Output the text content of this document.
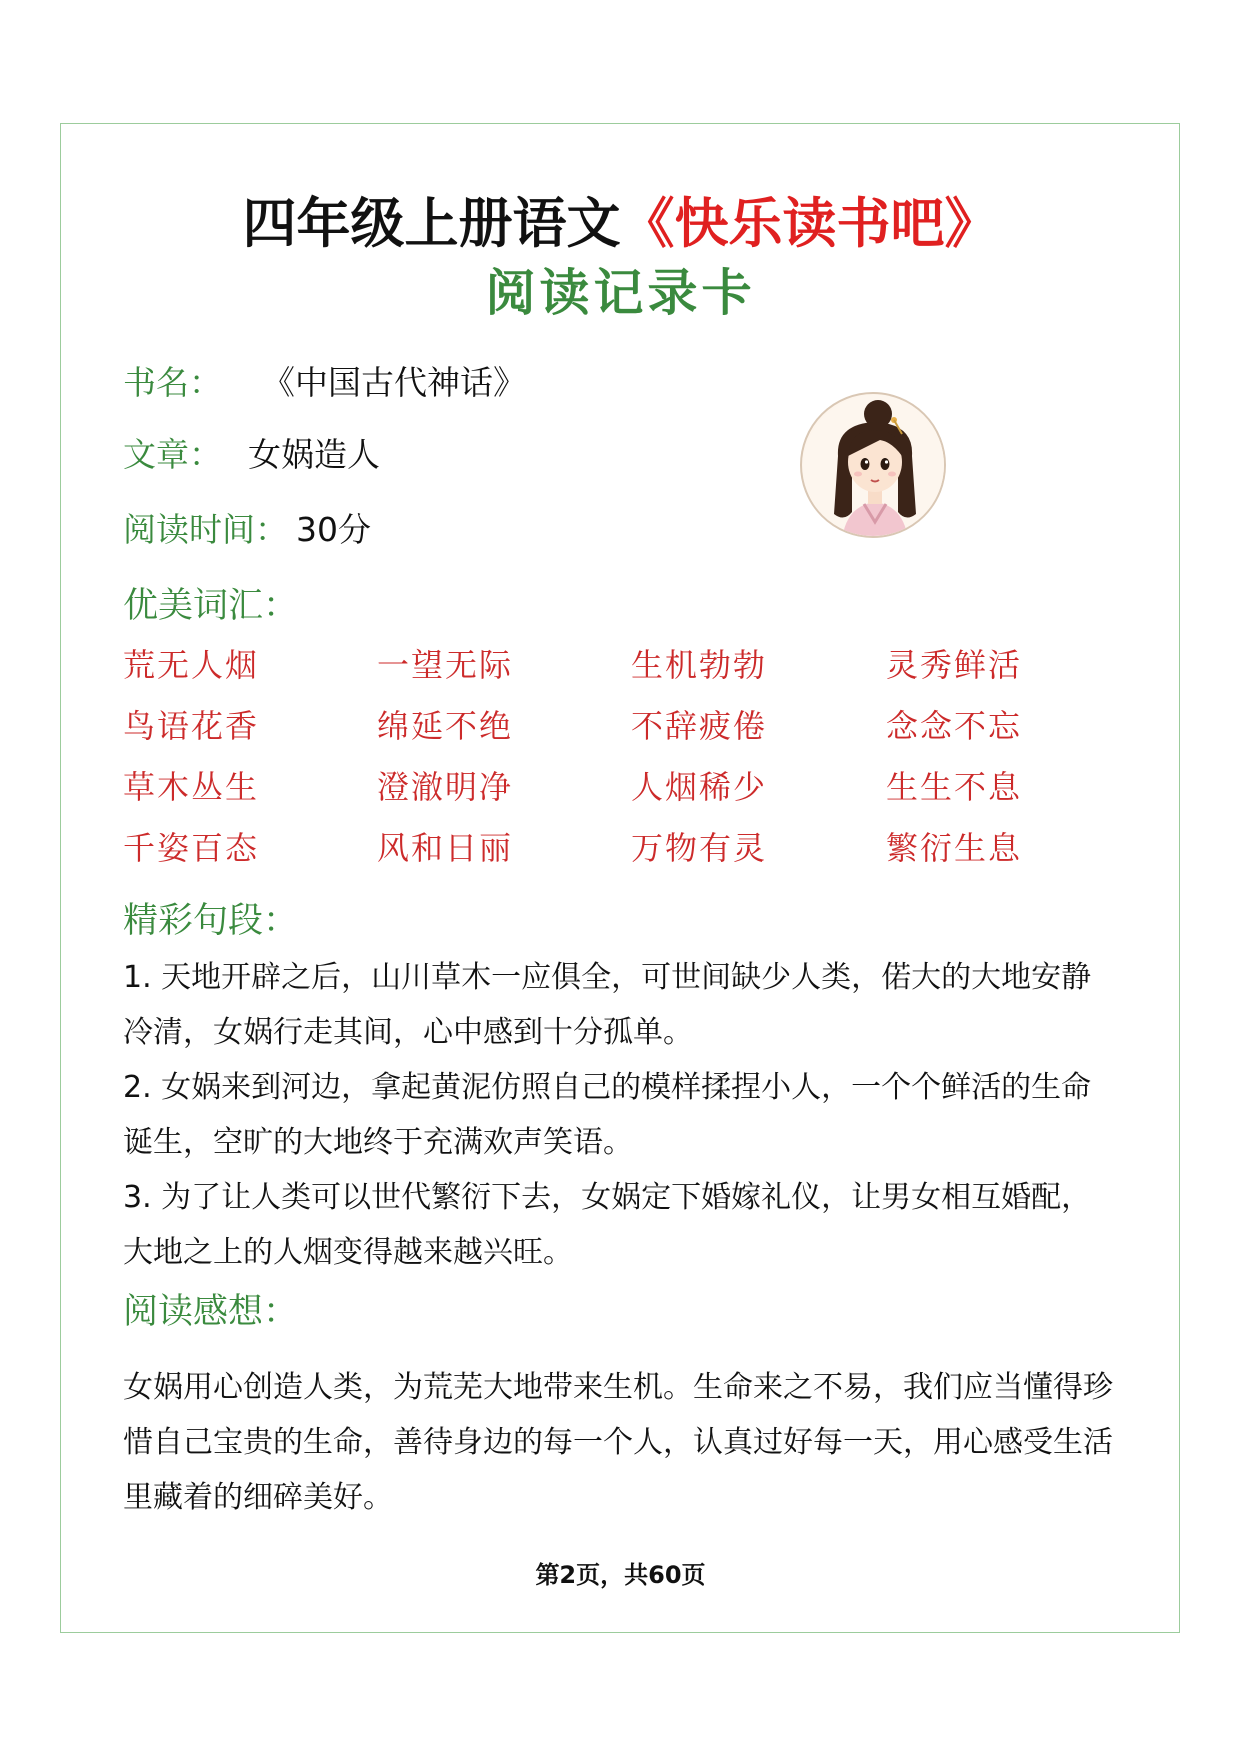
四年级上册语文《快乐读书吧》
阅读记录卡
书名： 《中国古代神话》
文章： 女娲造人
阅读时间： 30分
优美词汇：
荒无人烟	一望无际	生机勃勃	灵秀鲜活
鸟语花香	绵延不绝	不辞疲倦	念念不忘
草木丛生	澄澈明净	人烟稀少	生生不息
千姿百态	风和日丽	万物有灵	繁衍生息
精彩句段：
1. 天地开辟之后，山川草木一应俱全，可世间缺少人类，偌大的大地安静冷清，女娲行走其间，心中感到十分孤单。
2. 女娲来到河边，拿起黄泥仿照自己的模样揉捏小人，一个个鲜活的生命诞生，空旷的大地终于充满欢声笑语。
3. 为了让人类可以世代繁衍下去，女娲定下婚嫁礼仪，让男女相互婚配，大地之上的人烟变得越来越兴旺。
阅读感想：
女娲用心创造人类，为荒芜大地带来生机。生命来之不易，我们应当懂得珍惜自己宝贵的生命，善待身边的每一个人，认真过好每一天，用心感受生活里藏着的细碎美好。
第2页，共60页
